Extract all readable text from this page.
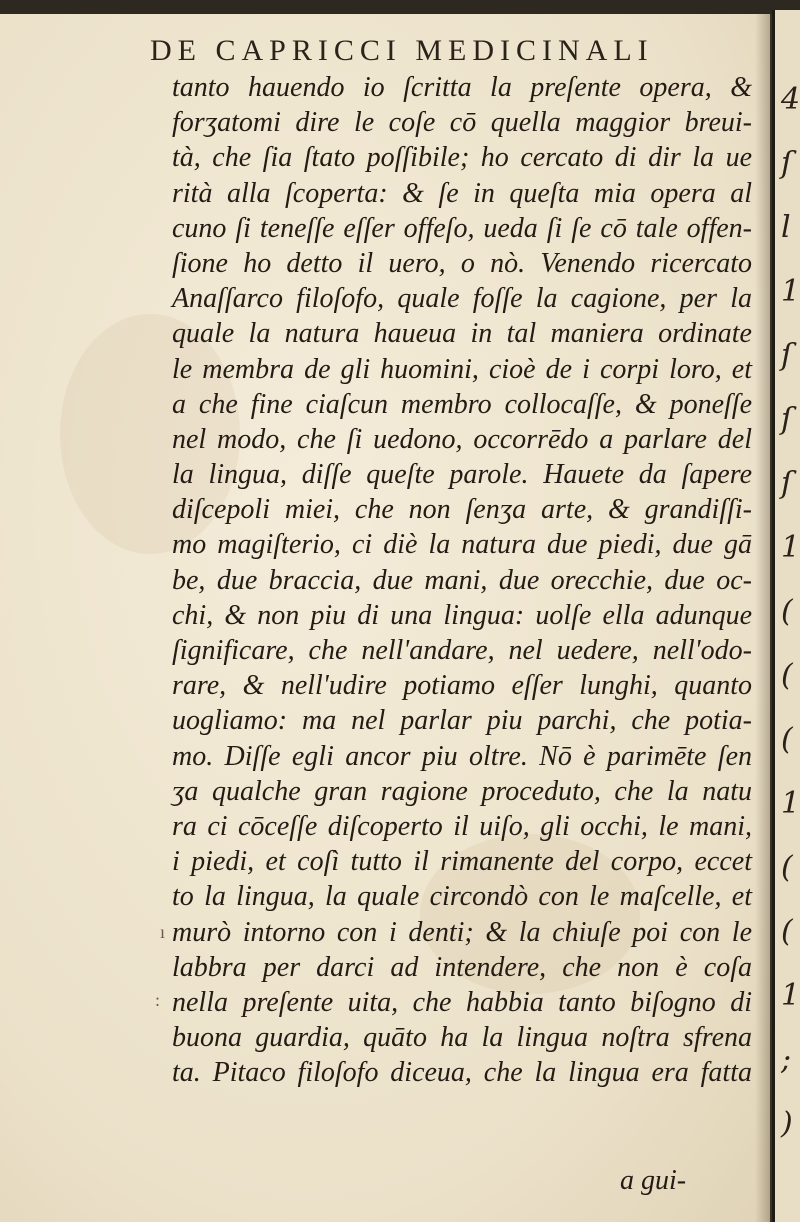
4
ſ
l
1
ſ
ſ
ſ
1
(
(
(
1
(
(
1
;
)
DE CAPRICCI MEDICINALI
tanto hauendo io ſcritta la preſente opera, &
forʒatomi dire le coſe cō quella maggior breui-
tà, che ſia ſtato poſſibile; ho cercato di dir la ue
rità alla ſcoperta: & ſe in queſta mia opera al
cuno ſi teneſſe eſſer offeſo, ueda ſi ſe cō tale offen-
ſione ho detto il uero, o nò. Venendo ricercato
Anaſſarco filoſofo, quale foſſe la cagione, per la
quale la natura haueua in tal maniera ordinate
le membra de gli huomini, cioè de i corpi loro, et
a che fine ciaſcun membro collocaſſe, & poneſſe
nel modo, che ſi uedono, occorrēdo a parlare del
la lingua, diſſe queſte parole. Hauete da ſapere
diſcepoli miei, che non ſenʒa arte, & grandiſſi-
mo magiſterio, ci diè la natura due piedi, due gā
be, due braccia, due mani, due orecchie, due oc-
chi, & non piu di una lingua: uolſe ella adunque
ſignificare, che nell'andare, nel uedere, nell'odo-
rare, & nell'udire potiamo eſſer lunghi, quanto
uogliamo: ma nel parlar piu parchi, che potia-
mo. Diſſe egli ancor piu oltre. Nō è parimēte ſen
ʒa qualche gran ragione proceduto, che la natu
ra ci cōceſſe diſcoperto il uiſo, gli occhi, le mani,
i piedi, et coſì tutto il rimanente del corpo, eccet
to la lingua, la quale circondò con le maſcelle, et
murò intorno con i denti; & la chiuſe poi con le
labbra per darci ad intendere, che non è coſa
nella preſente uita, che habbia tanto biſogno di
buona guardia, quāto ha la lingua noſtra sfrena
ta. Pitaco filoſofo diceua, che la lingua era fatta
a gui-
ı
:
